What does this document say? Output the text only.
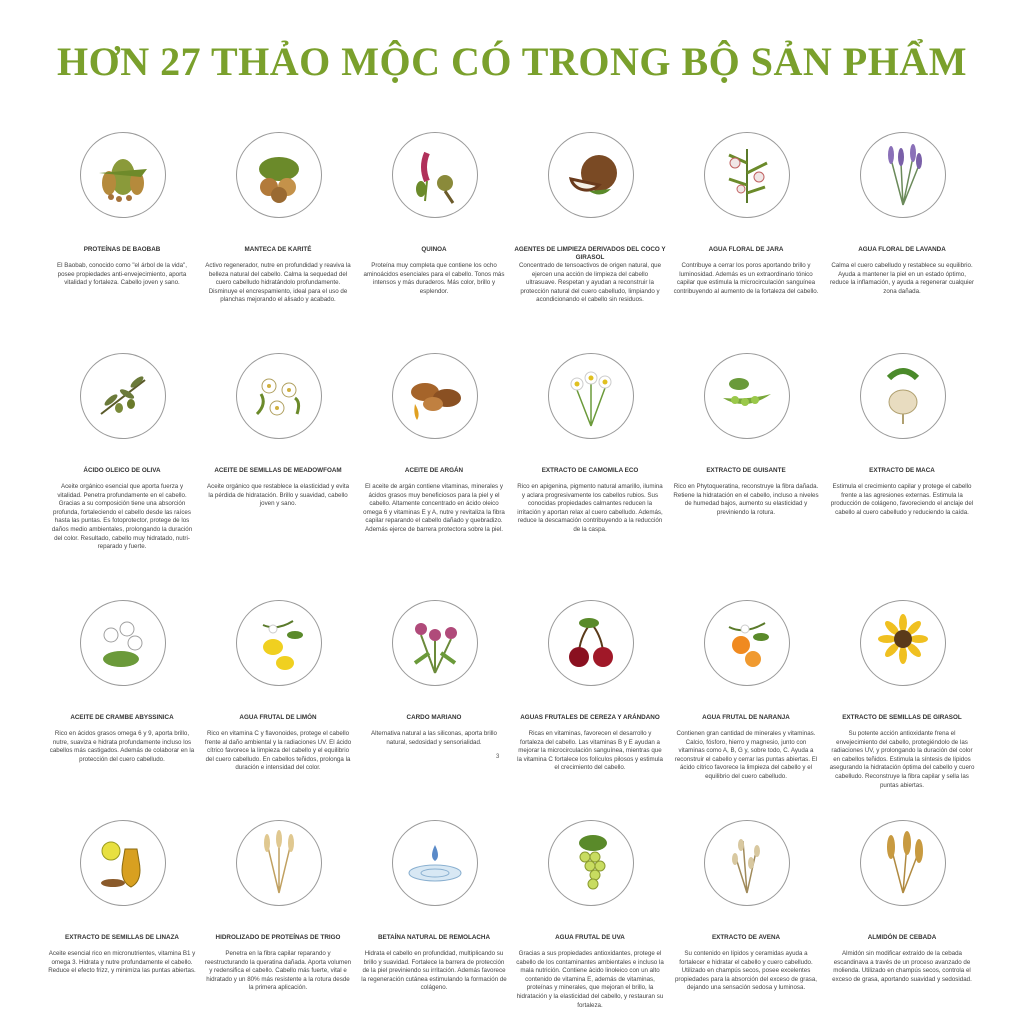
HƠN 27 THẢO MỘC CÓ TRONG BỘ SẢN PHẨM
PROTEÍNAS DE BAOBAB
El Baobab, conocido como "el árbol de la vida", posee propiedades anti-envejecimiento, aporta vitalidad y fortaleza. Cabello joven y sano.
MANTECA DE KARITÉ
Activo regenerador, nutre en profundidad y reaviva la belleza natural del cabello. Calma la sequedad del cuero cabelludo hidratándolo profundamente. Disminuye el encrespamiento, ideal para el uso de planchas mejorando el alisado y acabado.
QUINOA
Proteína muy completa que contiene los ocho aminoácidos esenciales para el cabello. Tonos más intensos y más duraderos. Más color, brillo y esplendor.
AGENTES DE LIMPIEZA DERIVADOS DEL COCO Y GIRASOL
Concentrado de tensoactivos de origen natural, que ejercen una acción de limpieza del cabello ultrasuave. Respetan y ayudan a reconstruir la protección natural del cuero cabelludo, limpiando y acondicionando el cabello sin residuos.
AGUA FLORAL DE JARA
Contribuye a cerrar los poros aportando brillo y luminosidad. Además es un extraordinario tónico capilar que estimula la microcirculación sanguínea contribuyendo al aumento de la fortaleza del cabello.
AGUA FLORAL DE LAVANDA
Calma el cuero cabelludo y restablece su equilibrio. Ayuda a mantener la piel en un estado óptimo, reduce la inflamación, y ayuda a regenerar cualquier zona dañada.
ÁCIDO OLEICO DE OLIVA
Aceite orgánico esencial que aporta fuerza y vitalidad. Penetra profundamente en el cabello. Gracias a su composición tiene una absorción profunda, fortaleciendo el cabello desde las raíces hasta las puntas. Es fotoprotector, protege de los daños medio ambientales, prolongando la duración del color. Resultado, cabello muy hidratado, nutri-reparado y fuerte.
ACEITE DE SEMILLAS DE MEADOWFOAM
Aceite orgánico que restablece la elasticidad y evita la pérdida de hidratación. Brillo y suavidad, cabello joven y sano.
ACEITE DE ARGÁN
El aceite de argán contiene vitaminas, minerales y ácidos grasos muy beneficiosos para la piel y el cabello. Altamente concentrado en ácido oleico omega 6 y vitaminas E y A, nutre y revitaliza la fibra capilar reparando el cabello dañado y quebradizo. Además ejerce de barrera protectora sobre la piel.
EXTRACTO DE CAMOMILA ECO
Rico en apigenina, pigmento natural amarillo, ilumina y aclara progresivamente los cabellos rubios. Sus conocidas propiedades calmantes reducen la irritación y aportan relax al cuero cabelludo. Además, reduce la descamación contribuyendo a la reducción de la caspa.
EXTRACTO DE GUISANTE
Rico en Phytoqueratina, reconstruye la fibra dañada. Retiene la hidratación en el cabello, incluso a niveles de humedad bajos, aumento su elasticidad y previniendo la rotura.
EXTRACTO DE MACA
Estimula el crecimiento capilar y protege el cabello frente a las agresiones externas. Estimula la producción de colágeno, favoreciendo el anclaje del cabello al cuero cabelludo y reduciendo la caída.
ACEITE DE CRAMBE ABYSSINICA
Rico en ácidos grasos omega 6 y 9, aporta brillo, nutre, suaviza e hidrata profundamente incluso los cabellos más castigados. Además de colaborar en la protección del cuero cabelludo.
AGUA FRUTAL DE LIMÓN
Rico en vitamina C y flavonoides, protege el cabello frente al daño ambiental y la radiaciones UV. El ácido cítrico favorece la limpieza del cabello y el equilibrio del cuero cabelludo. En cabellos teñidos, prolonga la duración e intensidad del color.
CARDO MARIANO
Alternativa natural a las siliconas, aporta brillo natural, sedosidad y sensorialidad.
AGUAS FRUTALES DE CEREZA Y ARÁNDANO
Ricas en vitaminas, favorecen el desarrollo y fortaleza del cabello. Las vitaminas B y E ayudan a mejorar la microcirculación sanguínea, mientras que la vitamina C fortalece los folículos pilosos y estimula el crecimiento del cabello.
AGUA FRUTAL DE NARANJA
Contienen gran cantidad de minerales y vitaminas. Calcio, fósforo, hierro y magnesio, junto con vitaminas como A, B, G y, sobre todo, C. Ayuda a reconstruir el cabello y cerrar las puntas abiertas. El ácido cítrico favorece la limpieza del cabello y el equilibrio del cuero cabelludo.
EXTRACTO DE SEMILLAS DE GIRASOL
Su potente acción antioxidante frena el envejecimiento del cabello, protegiéndolo de las radiaciones UV, y prolongando la duración del color en cabellos teñidos. Estimula la síntesis de lípidos asegurando la hidratación óptima del cabello y cuero cabelludo. Reconstruye la fibra capilar y sella las puntas abiertas.
EXTRACTO DE SEMILLAS DE LINAZA
Aceite esencial rico en micronutrientes, vitamina B1 y omega 3. Hidrata y nutre profundamente el cabello. Reduce el efecto frizz, y minimiza las puntas abiertas.
HIDROLIZADO DE PROTEÍNAS DE TRIGO
Penetra en la fibra capilar reparando y reestructurando la queratina dañada. Aporta volumen y redensifica el cabello. Cabello más fuerte, vital e hidratado y un 80% más resistente a la rotura desde la primera aplicación.
BETAÍNA NATURAL DE REMOLACHA
Hidrata el cabello en profundidad, multiplicando su brillo y suavidad. Fortalece la barrera de protección de la piel previniendo su irritación. Además favorece la regeneración cutánea estimulando la formación de colágeno.
AGUA FRUTAL DE UVA
Gracias a sus propiedades antioxidantes, protege el cabello de los contaminantes ambientales e incluso la mala nutrición. Contiene ácido linoleico con un alto contenido de vitamina E, además de vitaminas, proteínas y minerales, que mejoran el brillo, la hidratación y la elasticidad del cabello, y restauran su fortaleza.
EXTRACTO DE AVENA
Su contenido en lípidos y ceramidas ayuda a fortalecer e hidratar el cabello y cuero cabelludo. Utilizado en champús secos, posee excelentes propiedades para la absorción del exceso de grasa, dejando una sensación sedosa y luminosa.
ALMIDÓN DE CEBADA
Almidón sin modificar extraído de la cebada escandinava a través de un proceso avanzado de molienda. Utilizado en champús secos, controla el exceso de grasa, aportando suavidad y sedosidad.
3
